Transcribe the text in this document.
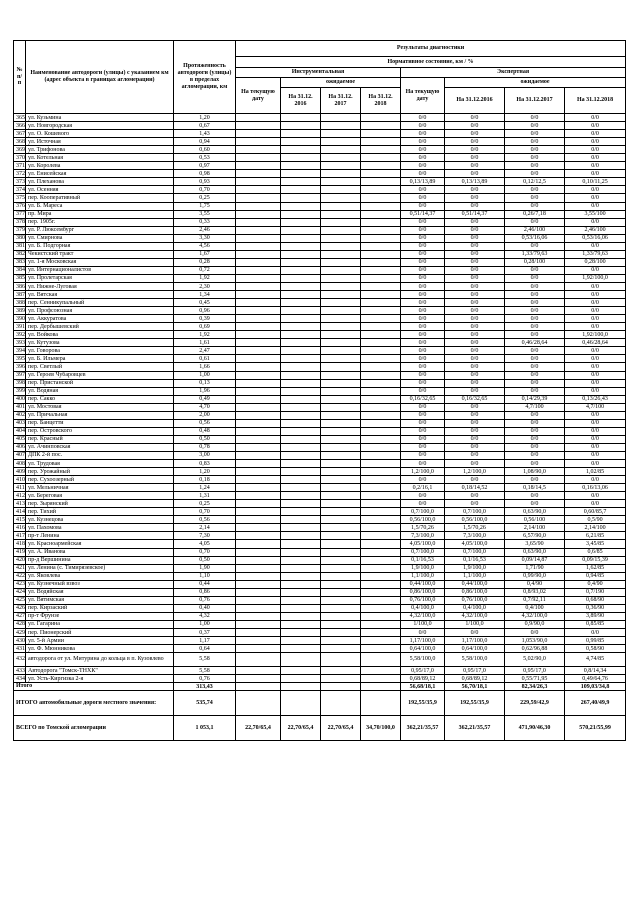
№ п/п	Наименование автодороги (улицы) с указанием км (адрес объекта в границах агломерации)	Протяженность автодороги (улицы) в пределах агломерации, км	Результаты диагностики							
			Нормативное состояние, км / %							
			Инструментальная				Экспертная			
			На текущую дату	ожидаемое			На текущую дату	ожидаемое		
				На 31.12. 2016	На 31.12. 2017	На 31.12. 2018		На 31.12.2016	На 31.12.2017	На 31.12.2018
365	ул. Кузьмина	1,20					0/0	0/0	0/0	0/0
366	ул. Новгородская	0,67					0/0	0/0	0/0	0/0
367	ул. О. Кошевого	1,43					0/0	0/0	0/0	0/0
368	ул. Источная	0,94					0/0	0/0	0/0	0/0
369	ул. Трифонова	0,60					0/0	0/0	0/0	0/0
370	ул. Котельная	0,53					0/0	0/0	0/0	0/0
371	ул. Королева	0,97					0/0	0/0	0/0	0/0
372	ул. Енисейская	0,98					0/0	0/0	0/0	0/0
373	ул. Плеханова	0,93					0,13/13,89	0,13/13,89	0,12/12,5	0,10/11,25
374	ул. Осенняя	0,70					0/0	0/0	0/0	0/0
375	пер. Кооперативный	0,25					0/0	0/0	0/0	0/0
376	ул. Б. Мареса	1,75					0/0	0/0	0/0	0/0
377	пр. Мира	3,55					0,51/14,37	0,51/14,37	0,26/7,18	3,55/100
378	пер. 1905г.	0,33					0/0	0/0	0/0	0/0
379	ул. Р. Люксембург	2,46					0/0	0/0	2,46/100	2,46/100
380	ул. Смирнова	3,30					0/0	0/0	0,53/16,06	0,53/16,06
381	ул. Б. Подгорная	4,56					0/0	0/0	0/0	0/0
382	Чекистский тракт	1,67					0/0	0/0	1,33/79,63	1,33/79,63
383	ул. 1-я Московская	0,28					0/0	0/0	0,28/100	0,28/100
384	ул. Интернационалистов	0,72					0/0	0/0	0/0	0/0
385	ул. Пролетарская	1,92					0/0	0/0	0/0	1,92/100,0
386	ул. Нижне-Луговая	2,30					0/0	0/0	0/0	0/0
387	ул. Вятская	1,34					0/0	0/0	0/0	0/0
388	пер. Сенникупальный	0,45					0/0	0/0	0/0	0/0
389	ул. Профсоюзная	0,96					0/0	0/0	0/0	0/0
390	ул. Аккуратова	0,39					0/0	0/0	0/0	0/0
391	пер. Дербышевский	0,69					0/0	0/0	0/0	0/0
392	ул. Войкова	1,92					0/0	0/0	0/0	1,92/100,0
393	ул. Кутузова	1,61					0/0	0/0	0,46/28,64	0,46/28,64
394	ул. Говорова	2,47					0/0	0/0	0/0	0/0
395	ул. Б. Ильмера	0,61					0/0	0/0	0/0	0/0
396	пер. Светлый	1,66					0/0	0/0	0/0	0/0
397	ул. Героев Чубаровцев	1,00					0/0	0/0	0/0	0/0
398	пер. Пристанской	0,13					0/0	0/0	0/0	0/0
399	ул. Водяная	1,96					0/0	0/0	0/0	0/0
400	пер. Сакко	0,49					0,16/32,65	0,16/32,65	0,14/29,39	0,13/26,43
401	ул. Мостовая	4,70					0/0	0/0	4,7/100	4,7/100
402	ул. Причальная	2,00					0/0	0/0	0/0	0/0
403	пер. Банцетти	0,56					0/0	0/0	0/0	0/0
404	пер. Островского	0,48					0/0	0/0	0/0	0/0
405	пер. Красный	0,50					0/0	0/0	0/0	0/0
406	ул. Ачинповская	0,78					0/0	0/0	0/0	0/0
407	ДПК 2-й пос.	3,00					0/0	0/0	0/0	0/0
408	ул. Трудовая	0,83					0/0	0/0	0/0	0/0
409	пер. Урожайный	1,20					1,2/100,0	1,2/100,0	1,08/90,0	1,02/85
410	пер. Сухоозерный	0,18					0/0	0/0	0/0	0/0
411	ул. Мельничная	1,24					0,2/16,1	0,18/14,52	0,18/14,5	0,16/13,06
412	ул. Береговая	1,31					0/0	0/0	0/0	0/0
413	пер. Зырянский	0,25					0/0	0/0	0/0	0/0
414	пер. Тихий	0,70					0,7/100,0	0,7/100,0	0,63/90,0	0,60/85,7
415	ул. Кузнецова	0,56					0,56/100,0	0,56/100,0	0,56/100	0,5/90
416	ул. Пахомова	2,14					1,5/70,26	1,5/70,26	2,14/100	2,14/100
417	пр-т Ленина	7,30					7,3/100,0	7,3/100,0	6,57/90,0	6,21/85
418	ул. Красноармейская	4,05					4,05/100,0	4,05/100,0	3,65/90	3,45/85
419	ул. А. Иванова	0,70					0,7/100,0	0,7/100,0	0,63/90,0	0,6/85
420	пр-д Вершинина	0,50					0,1/16,53	0,1/16,53	0,09/14,87	0,09/15,39
421	ул. Ленина (с. Тимирязевское)	1,90					1,9/100,0	1,9/100,0	1,71/90	1,62/85
422	ул. Яковлева	1,10					1,1/100,0	1,1/100,0	0,99/90,0	0,94/85
423	ул. Кузнечный взвоз	0,44					0,44/100,0	0,44/100,0	0,4/90	0,4/90
424	ул. Водяйская	0,86					0,86/100,0	0,86/100,0	0,8/93,02	0,7/190
425	ул. Вятимская	0,76					0,76/100,0	0,76/100,0	0,7/92,11	0,68/90
426	пер. Кирзаский	0,40					0,4/100,0	0,4/100,0	0,4/100	0,36/90
427	пр-т Фрунзе	4,32					4,32/100,0	4,32/100,0	4,32/100,0	3,89/90
428	ул. Гагарина	1,00					1/100,0	1/100,0	0,9/90,0	0,85/85
429	пер. Пионерский	0,37					0/0	0/0	0/0	0/0
430	ул. 5-й Армии	1,17					1,17/100,0	1,17/100,0	1,053/90,0	0,99/85
431	ул. Ф. Мюнникова	0,64					0,64/100,0	0,64/100,0	0,62/96,88	0,58/90
432	автодорога от ул. Митурина до кольца в п. Кузовлево	5,58					5,58/100,0	5,58/100,0	5,02/90,0	4,74/85
433	Автодорога "Томск-ТНХК"	5,58					0,95/17,0	0,95/17,0	0,95/17,0	0,8/14,34
434	ул. Усть-Киргизка 2-я	0,76					0,68/89,12	0,68/89,12	0,55/71,95	0,49/64,76
Итого		313,43					56,68/18,1	56,70/18,1	82,34/26,3	109,03/34,8
ИТОГО автомобильные дороги местного значения:		535,74					192,55/35,9	192,55/35,9	229,59/42,9	267,40/49,9
ВСЕГО по Томской агломерации		1 053,1	22,70/65,4	22,70/65,4	22,70/65,4	34,70/100,0	362,21/35,57	362,21/35,57	471,90/46,30	570,21/55,99
